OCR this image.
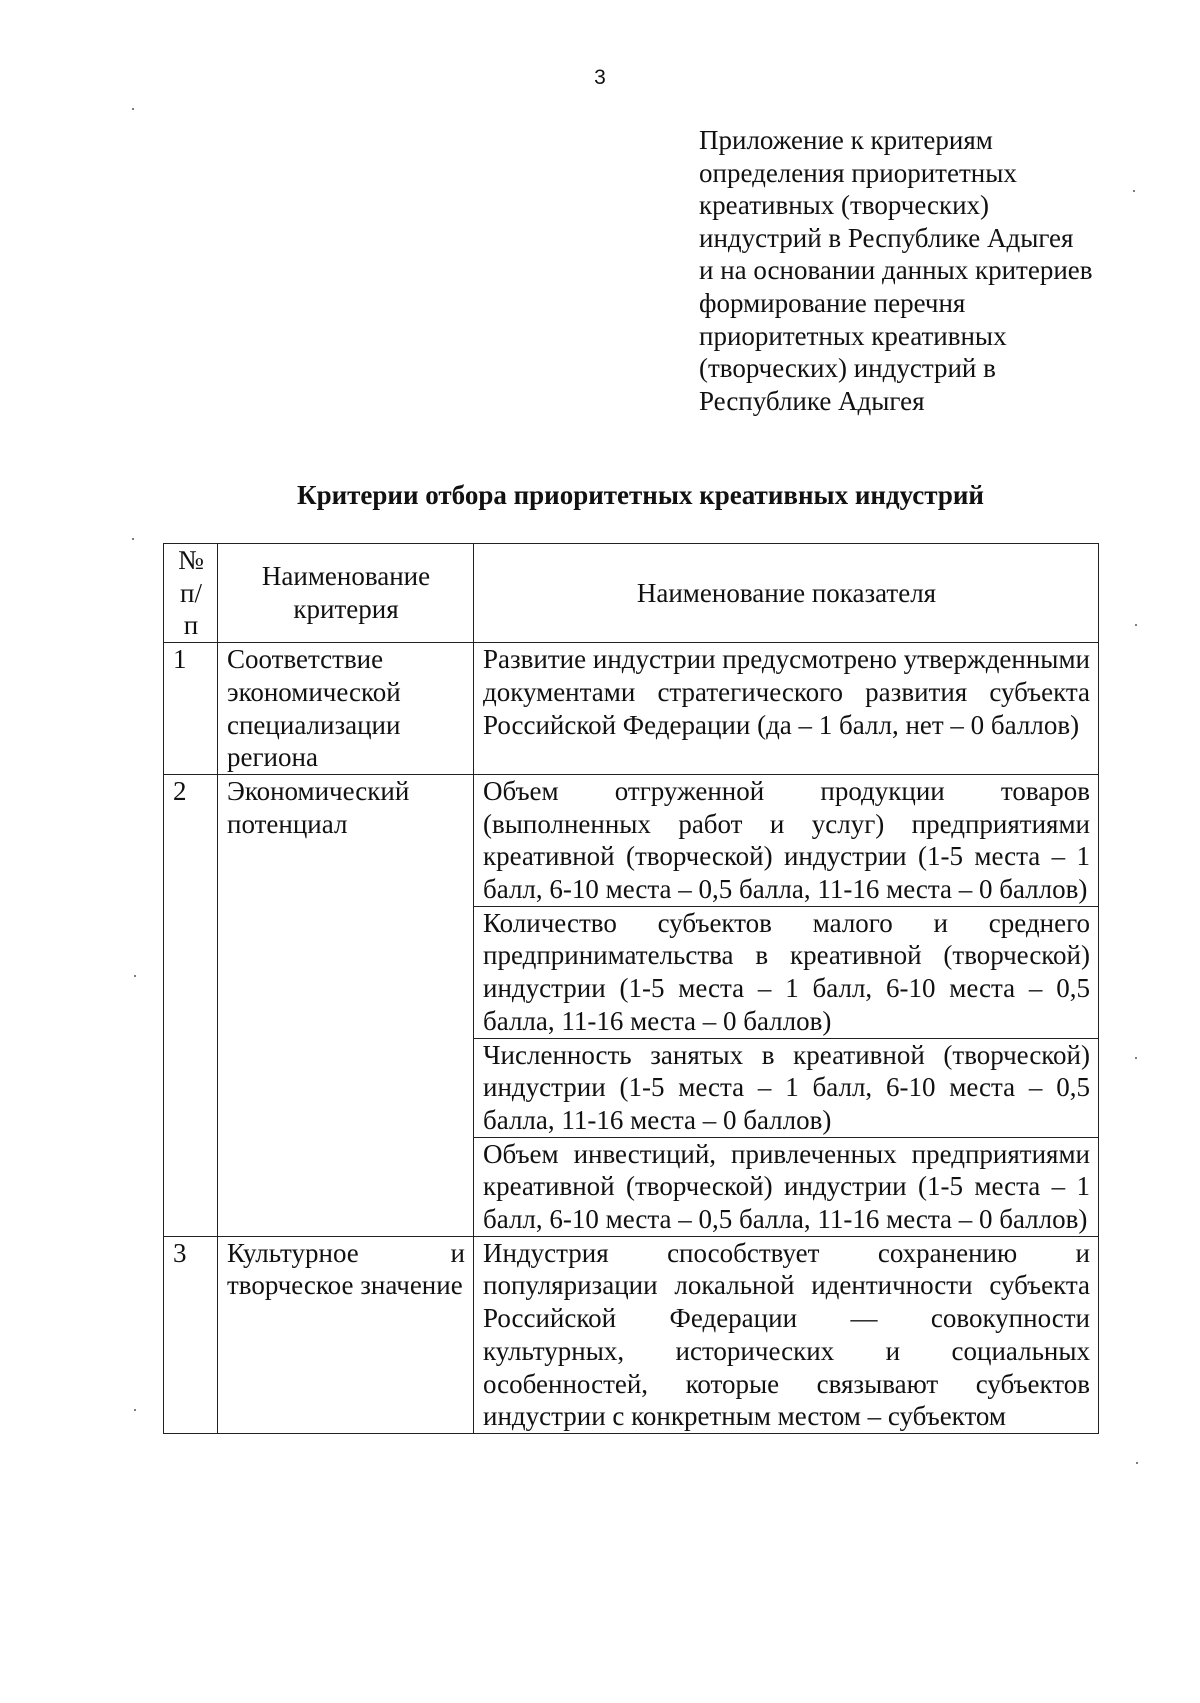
3
Приложение к критериям
определения приоритетных
креативных (творческих)
индустрий в Республике Адыгея
и на основании данных критериев
формирование перечня
приоритетных креативных
(творческих) индустрий в
Республике Адыгея
Критерии отбора приоритетных креативных индустрий
№ п/ п	Наименование критерия	Наименование показателя
1	Соответствие экономической специализации региона	Развитие индустрии предусмотрено утвержденными документами стратегического развития субъекта Российской Федерации (да – 1 балл, нет – 0 баллов)
2	Экономический потенциал	Объем отгруженной продукции товаров (выполненных работ и услуг) предприятиями креативной (творческой) индустрии (1-5 места – 1 балл, 6-10 места – 0,5 балла, 11-16 места – 0 баллов)
		Количество субъектов малого и среднего предпринимательства в креативной (творческой) индустрии (1-5 места – 1 балл, 6-10 места – 0,5 балла, 11-16 места – 0 баллов)
		Численность занятых в креативной (творческой) индустрии (1-5 места – 1 балл, 6-10 места – 0,5 балла, 11-16 места – 0 баллов)
		Объем инвестиций, привлеченных предприятиями креативной (творческой) индустрии (1-5 места – 1 балл, 6-10 места – 0,5 балла, 11-16 места – 0 баллов)
3	Культурное и творческое значение	Индустрия способствует сохранению и популяризации локальной идентичности субъекта Российской Федерации — совокупности культурных, исторических и социальных особенностей, которые связывают субъектов индустрии с конкретным местом – субъектом
